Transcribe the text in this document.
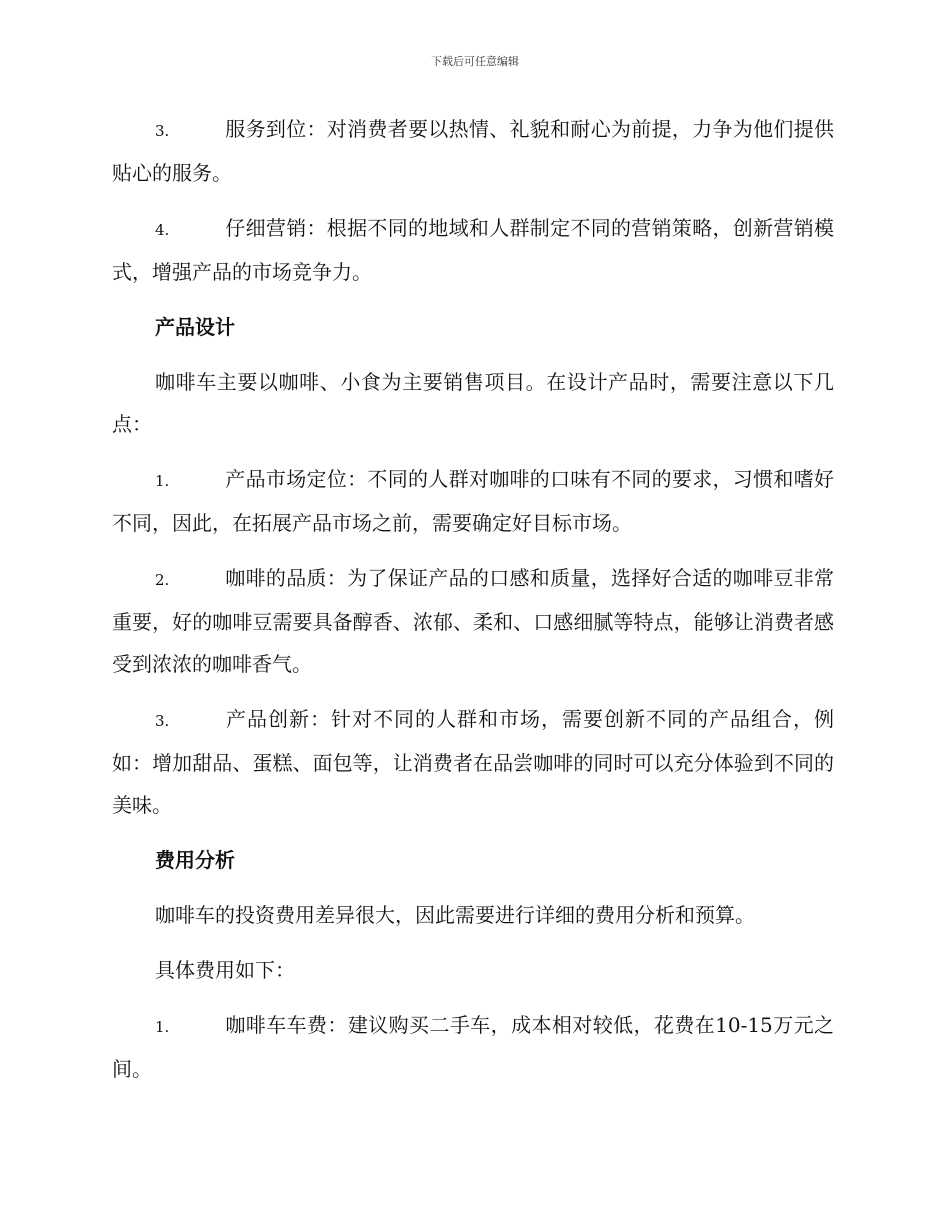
下载后可任意编辑

3.	服务到位：对消费者要以热情、礼貌和耐心为前提，力争为他们提供贴心的服务。

4.	仔细营销：根据不同的地域和人群制定不同的营销策略，创新营销模式，增强产品的市场竞争力。

产品设计

咖啡车主要以咖啡、小食为主要销售项目。在设计产品时，需要注意以下几点：

1.	产品市场定位：不同的人群对咖啡的口味有不同的要求，习惯和嗜好不同，因此，在拓展产品市场之前，需要确定好目标市场。

2.	咖啡的品质：为了保证产品的口感和质量，选择好合适的咖啡豆非常重要，好的咖啡豆需要具备醇香、浓郁、柔和、口感细腻等特点，能够让消费者感受到浓浓的咖啡香气。

3.	产品创新：针对不同的人群和市场，需要创新不同的产品组合，例如：增加甜品、蛋糕、面包等，让消费者在品尝咖啡的同时可以充分体验到不同的美味。

费用分析

咖啡车的投资费用差异很大，因此需要进行详细的费用分析和预算。

具体费用如下：

1.	咖啡车车费：建议购买二手车，成本相对较低，花费在10-15万元之间。
